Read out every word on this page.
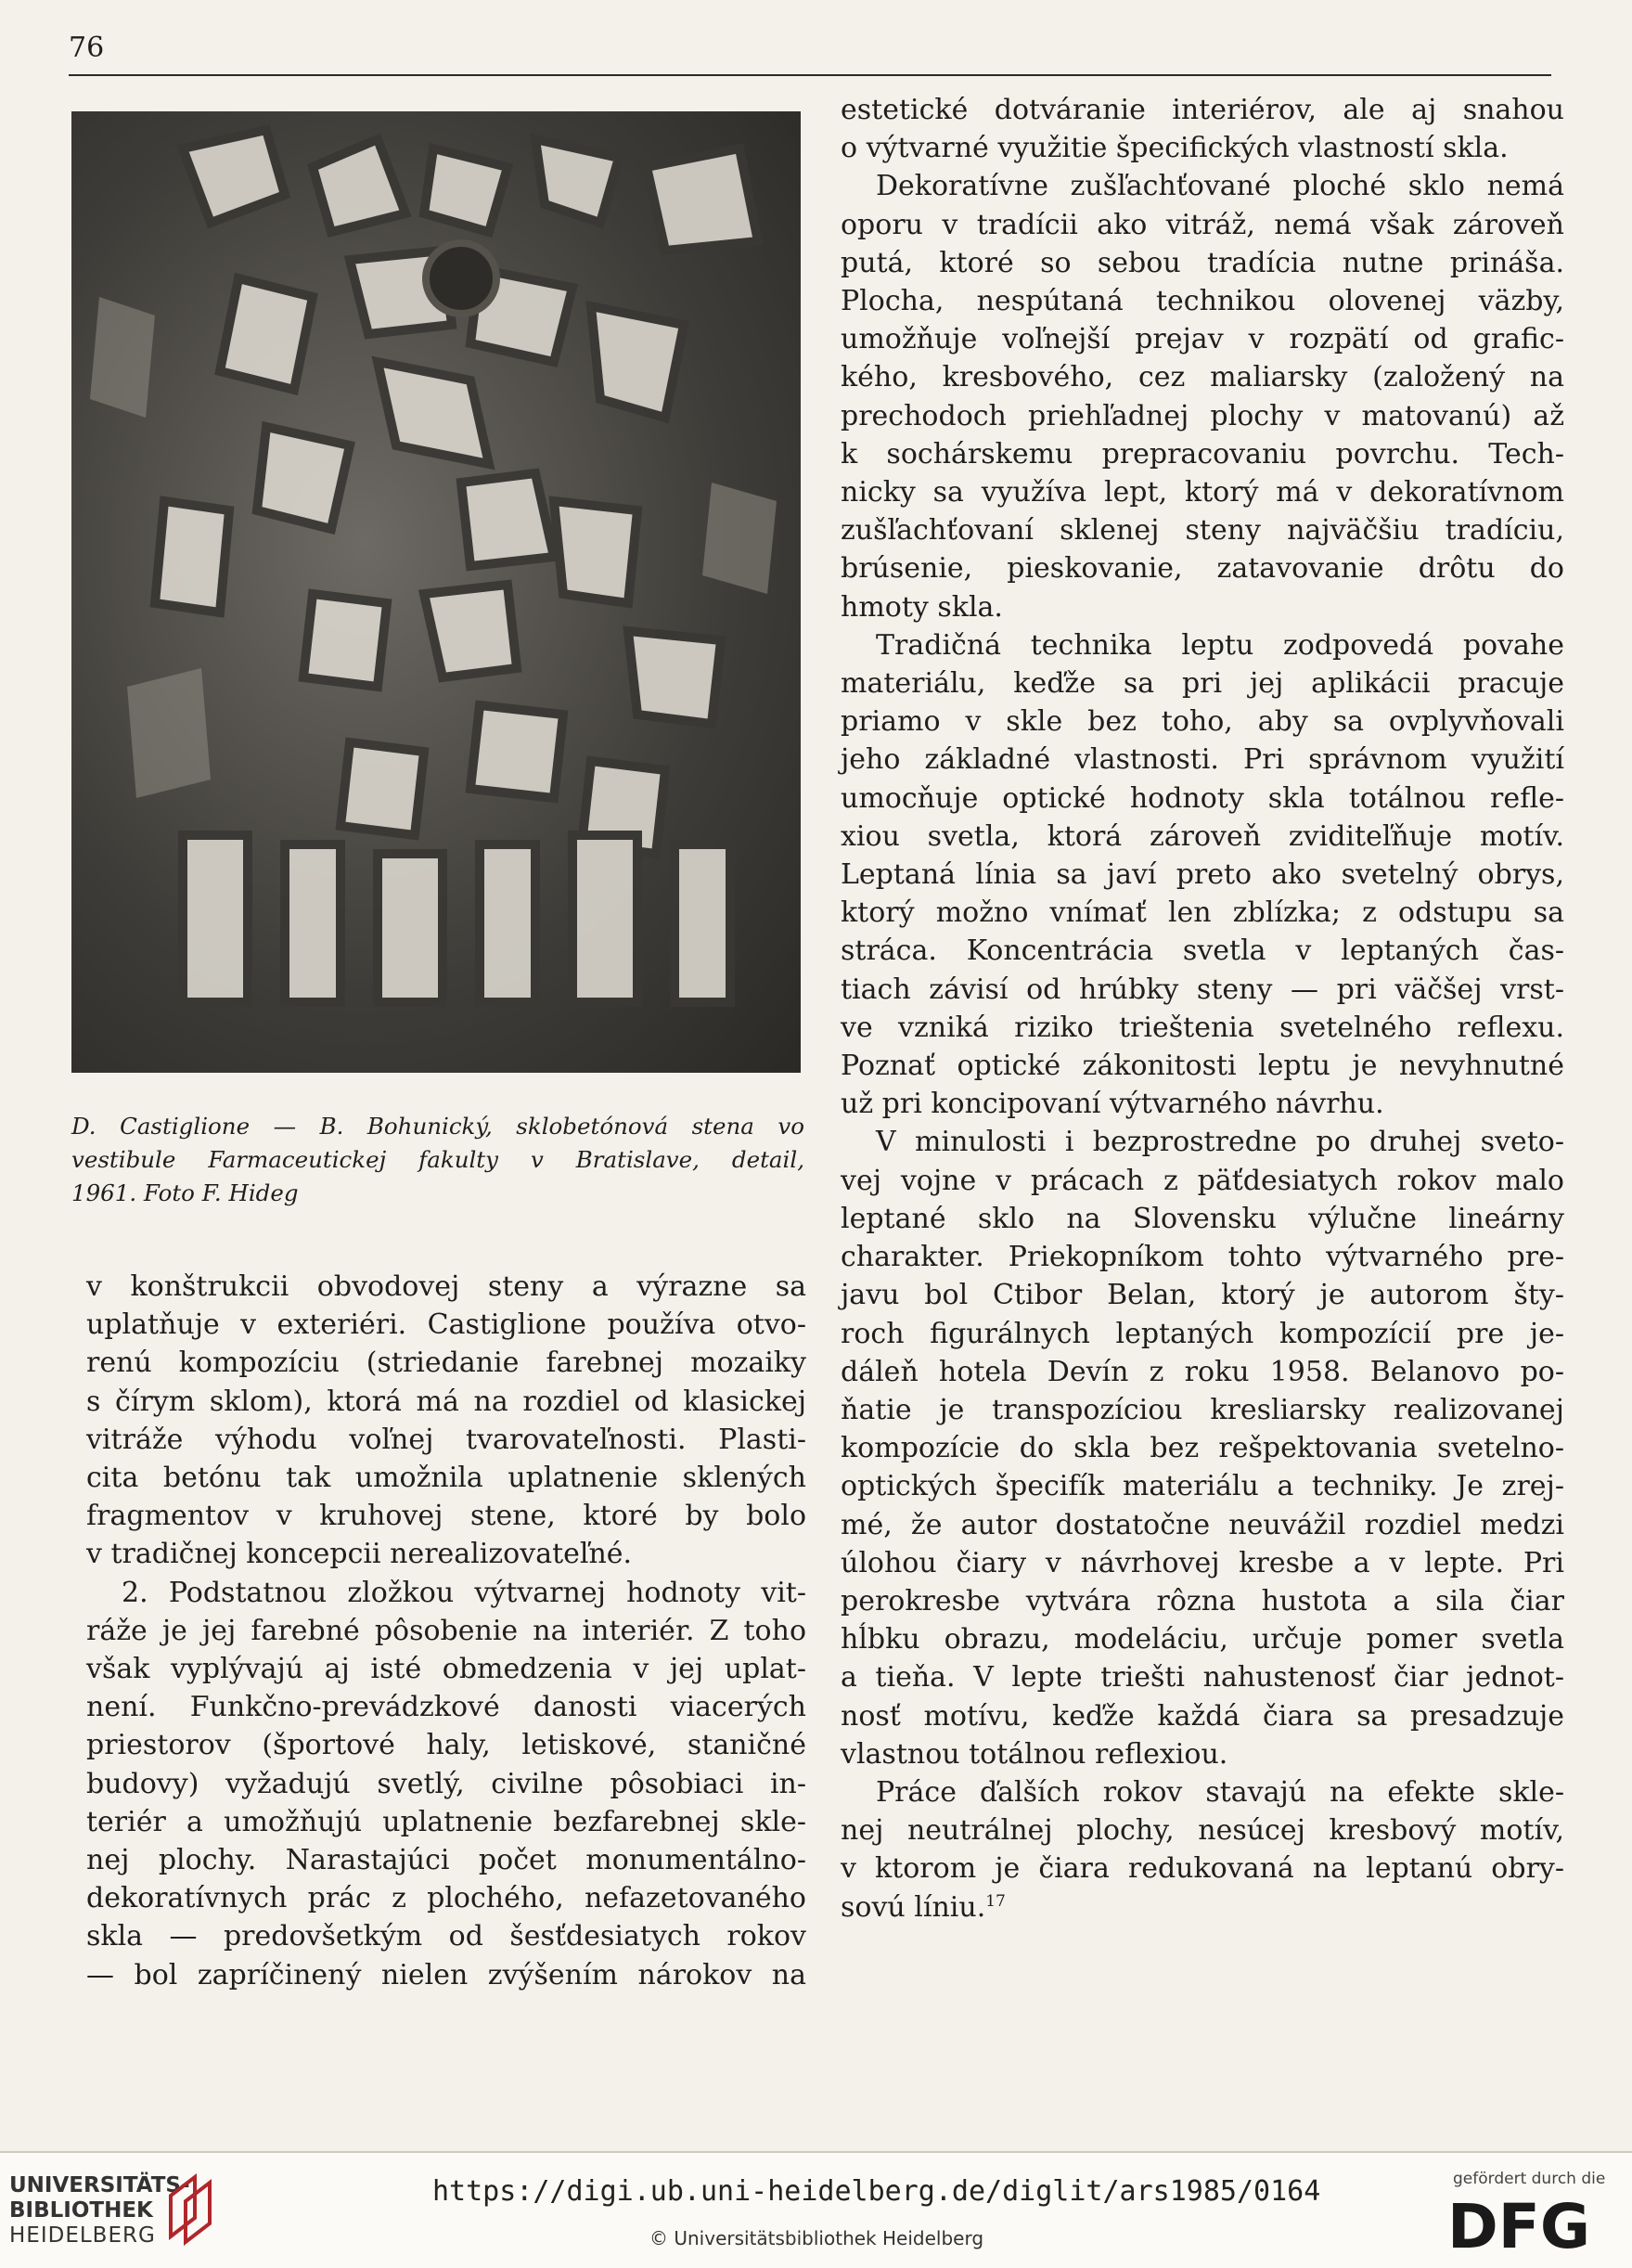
76
D. Castiglione — B. Bohunický, sklobetónová stena vo
vestibule Farmaceutickej fakulty v Bratislave, detail,
1961. Foto F. Hideg
v konštrukcii obvodovej steny a výrazne sa
uplatňuje v exteriéri. Castiglione používa otvo-
renú kompozíciu (striedanie farebnej mozaiky
s čírym sklom), ktorá má na rozdiel od klasickej
vitráže výhodu voľnej tvarovateľnosti. Plasti-
cita betónu tak umožnila uplatnenie sklených
fragmentov v kruhovej stene, ktoré by bolo
v tradičnej koncepcii nerealizovateľné.
2. Podstatnou zložkou výtvarnej hodnoty vit-
ráže je jej farebné pôsobenie na interiér. Z toho
však vyplývajú aj isté obmedzenia v jej uplat-
není. Funkčno-prevádzkové danosti viacerých
priestorov (športové haly, letiskové, staničné
budovy) vyžadujú svetlý, civilne pôsobiaci in-
teriér a umožňujú uplatnenie bezfarebnej skle-
nej plochy. Narastajúci počet monumentálno-
dekoratívnych prác z plochého, nefazetovaného
skla — predovšetkým od šesťdesiatych rokov
— bol zapríčinený nielen zvýšením nárokov na
estetické dotváranie interiérov, ale aj snahou
o výtvarné využitie špecifických vlastností skla.
Dekoratívne zušľachťované ploché sklo nemá
oporu v tradícii ako vitráž, nemá však zároveň
putá, ktoré so sebou tradícia nutne prináša.
Plocha, nespútaná technikou olovenej väzby,
umožňuje voľnejší prejav v rozpätí od grafic-
kého, kresbového, cez maliarsky (založený na
prechodoch priehľadnej plochy v matovanú) až
k sochárskemu prepracovaniu povrchu. Tech-
nicky sa využíva lept, ktorý má v dekoratívnom
zušľachťovaní sklenej steny najväčšiu tradíciu,
brúsenie, pieskovanie, zatavovanie drôtu do
hmoty skla.
Tradičná technika leptu zodpovedá povahe
materiálu, keďže sa pri jej aplikácii pracuje
priamo v skle bez toho, aby sa ovplyvňovali
jeho základné vlastnosti. Pri správnom využití
umocňuje optické hodnoty skla totálnou refle-
xiou svetla, ktorá zároveň zviditeľňuje motív.
Leptaná línia sa javí preto ako svetelný obrys,
ktorý možno vnímať len zblízka; z odstupu sa
stráca. Koncentrácia svetla v leptaných čas-
tiach závisí od hrúbky steny — pri väčšej vrst-
ve vzniká riziko trieštenia svetelného reflexu.
Poznať optické zákonitosti leptu je nevyhnutné
už pri koncipovaní výtvarného návrhu.
V minulosti i bezprostredne po druhej sveto-
vej vojne v prácach z päťdesiatych rokov malo
leptané sklo na Slovensku výlučne lineárny
charakter. Priekopníkom tohto výtvarného pre-
javu bol Ctibor Belan, ktorý je autorom šty-
roch figurálnych leptaných kompozícií pre je-
dáleň hotela Devín z roku 1958. Belanovo po-
ňatie je transpozíciou kresliarsky realizovanej
kompozície do skla bez rešpektovania svetelno-
optických špecifík materiálu a techniky. Je zrej-
mé, že autor dostatočne neuvážil rozdiel medzi
úlohou čiary v návrhovej kresbe a v lepte. Pri
perokresbe vytvára rôzna hustota a sila čiar
hĺbku obrazu, modeláciu, určuje pomer svetla
a tieňa. V lepte triešti nahustenosť čiar jednot-
nosť motívu, keďže každá čiara sa presadzuje
vlastnou totálnou reflexiou.
Práce ďalších rokov stavajú na efekte skle-
nej neutrálnej plochy, nesúcej kresbový motív,
v ktorom je čiara redukovaná na leptanú obry-
sovú líniu.$^{17}$
UNIVERSITÄTS-
BIBLIOTHEK
HEIDELBERG
https://digi.ub.uni-heidelberg.de/diglit/ars1985/0164
© Universitätsbibliothek Heidelberg
gefördert durch die
DFG
